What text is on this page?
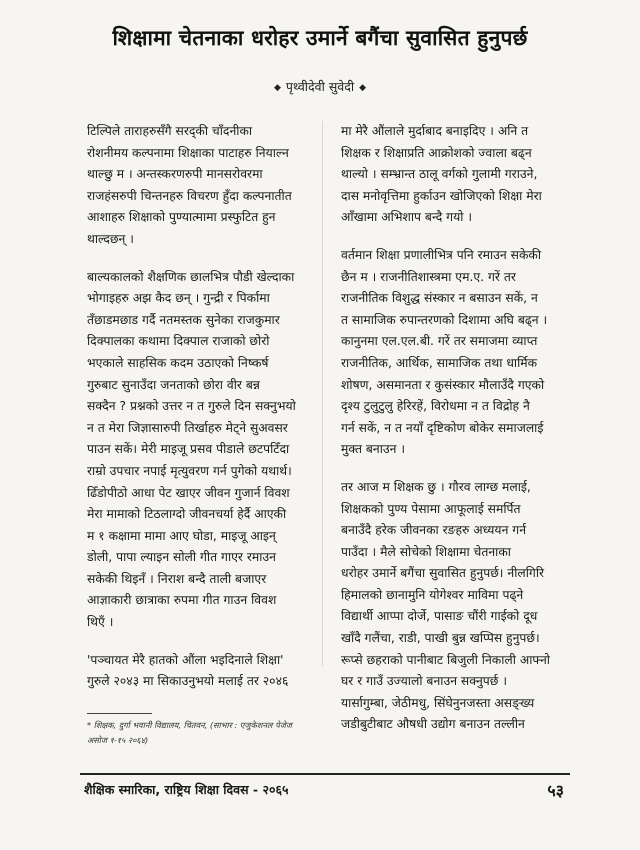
शिक्षामा चेतनाका धरोहर उमार्ने बगैंचा सुवासित हुनुपर्छ
◆ पृथ्वीदेवी सुवेदी ◆
टिल्पिले ताराहरुसँगै सरद्की चाँदनीका
रोशनीमय कल्पनामा शिक्षाका पाटाहरु नियाल्न
थाल्छु म । अन्तस्करणरुपी मानसरोवरमा
राजहंसरुपी चिन्तनहरु विचरण हुँदा कल्पनातीत
आशाहरु शिक्षाको पुण्यात्मामा प्रस्फुटित हुन
थाल्दछन् ।
बाल्यकालको शैक्षणिक छालभित्र पौडी खेल्दाका
भोगाइहरु अझ कैद छन् । गुन्द्री र पिर्कामा
तँछाडमछाड गर्दै नतमस्तक सुनेका राजकुमार
दिक्पालका कथामा दिक्पाल राजाको छोरो
भएकाले साहसिक कदम उठाएको निष्कर्ष
गुरुबाट सुनाउँदा जनताको छोरा वीर बन्न
सक्दैन ? प्रश्नको उत्तर न त गुरुले दिन सक्नुभयो
न त मेरा जिज्ञासारुपी तिर्खाहरु मेट्ने सुअवसर
पाउन सकें। मेरी माइजू प्रसव पीडाले छटपटिँदा
राम्रो उपचार नपाई मृत्युवरण गर्न पुगेको यथार्थ।
ढिँडोपीठो आधा पेट खाएर जीवन गुजार्न विवश
मेरा मामाको टिठलाग्दो जीवनचर्या हेर्दै आएकी
म १ कक्षामा मामा आए घोडा, माइजू आइन्
डोली, पापा ल्याइन सोली गीत गाएर रमाउन
सकेकी थिइनँ । निराश बन्दै ताली बजाएर
आज्ञाकारी छात्राका रुपमा गीत गाउन विवश
थिएँ ।
'पञ्चायत मेरै हातको औंला भइदिनाले शिक्षा'
गुरुले २०४३ मा सिकाउनुभयो मलाई तर २०४६
मा मेरै औंलाले मुर्दाबाद बनाइदिए । अनि त
शिक्षक र शिक्षाप्रति आक्रोशको ज्वाला बढ्न
थाल्यो । सम्भ्रान्त ठालू वर्गको गुलामी गराउने,
दास मनोवृत्तिमा हुर्काउन खोजिएको शिक्षा मेरा
आँखामा अभिशाप बन्दै गयो ।
वर्तमान शिक्षा प्रणालीभित्र पनि रमाउन सकेकी
छैन म । राजनीतिशास्त्रमा एम.ए. गरें तर
राजनीतिक विशुद्ध संस्कार न बसाउन सकें, न
त सामाजिक रुपान्तरणको दिशामा अघि बढ्न ।
कानुनमा एल.एल.बी. गरें तर समाजमा व्याप्त
राजनीतिक, आर्थिक, सामाजिक तथा धार्मिक
शोषण, असमानता र कुसंस्कार मौलाउँदै गएको
दृश्य टुलुटुलु हेरिरहें, विरोधमा न त विद्रोह नै
गर्न सकें, न त नयाँ दृष्टिकोण बोकेर समाजलाई
मुक्त बनाउन ।
तर आज म शिक्षक छु । गौरव लाग्छ मलाई,
शिक्षकको पुण्य पेसामा आफूलाई समर्पित
बनाउँदै हरेक जीवनका रङहरु अध्ययन गर्न
पाउँदा । मैले सोचेको शिक्षामा चेतनाका
धरोहर उमार्ने बगैंचा सुवासित हुनुपर्छ। नीलगिरि
हिमालको छानामुनि योगेश्वर माविमा पढ्ने
विद्यार्थी आप्पा दोर्जे, पासाङ चौंरी गाईको दूध
खाँदै गलैंचा, राडी, पाखी बुन्न खप्पिस हुनुपर्छ।
रूप्से छहराको पानीबाट बिजुली निकाली आफ्नो
घर र गाउँ उज्यालो बनाउन सक्नुपर्छ ।
यार्सागुम्बा, जेठीमधु, सिंघेनुनजस्ता असङ्ख्य
जडीबुटीबाट औषधी उद्योग बनाउन तल्लीन
* शिक्षक, दुर्गा भवानी विद्यालय, चितवन, (साभार : एजुकेशनल पेजेज
असोज १-१५ २०६४)
शैक्षिक स्मारिका, राष्ट्रिय शिक्षा दिवस - २०६५	५३
